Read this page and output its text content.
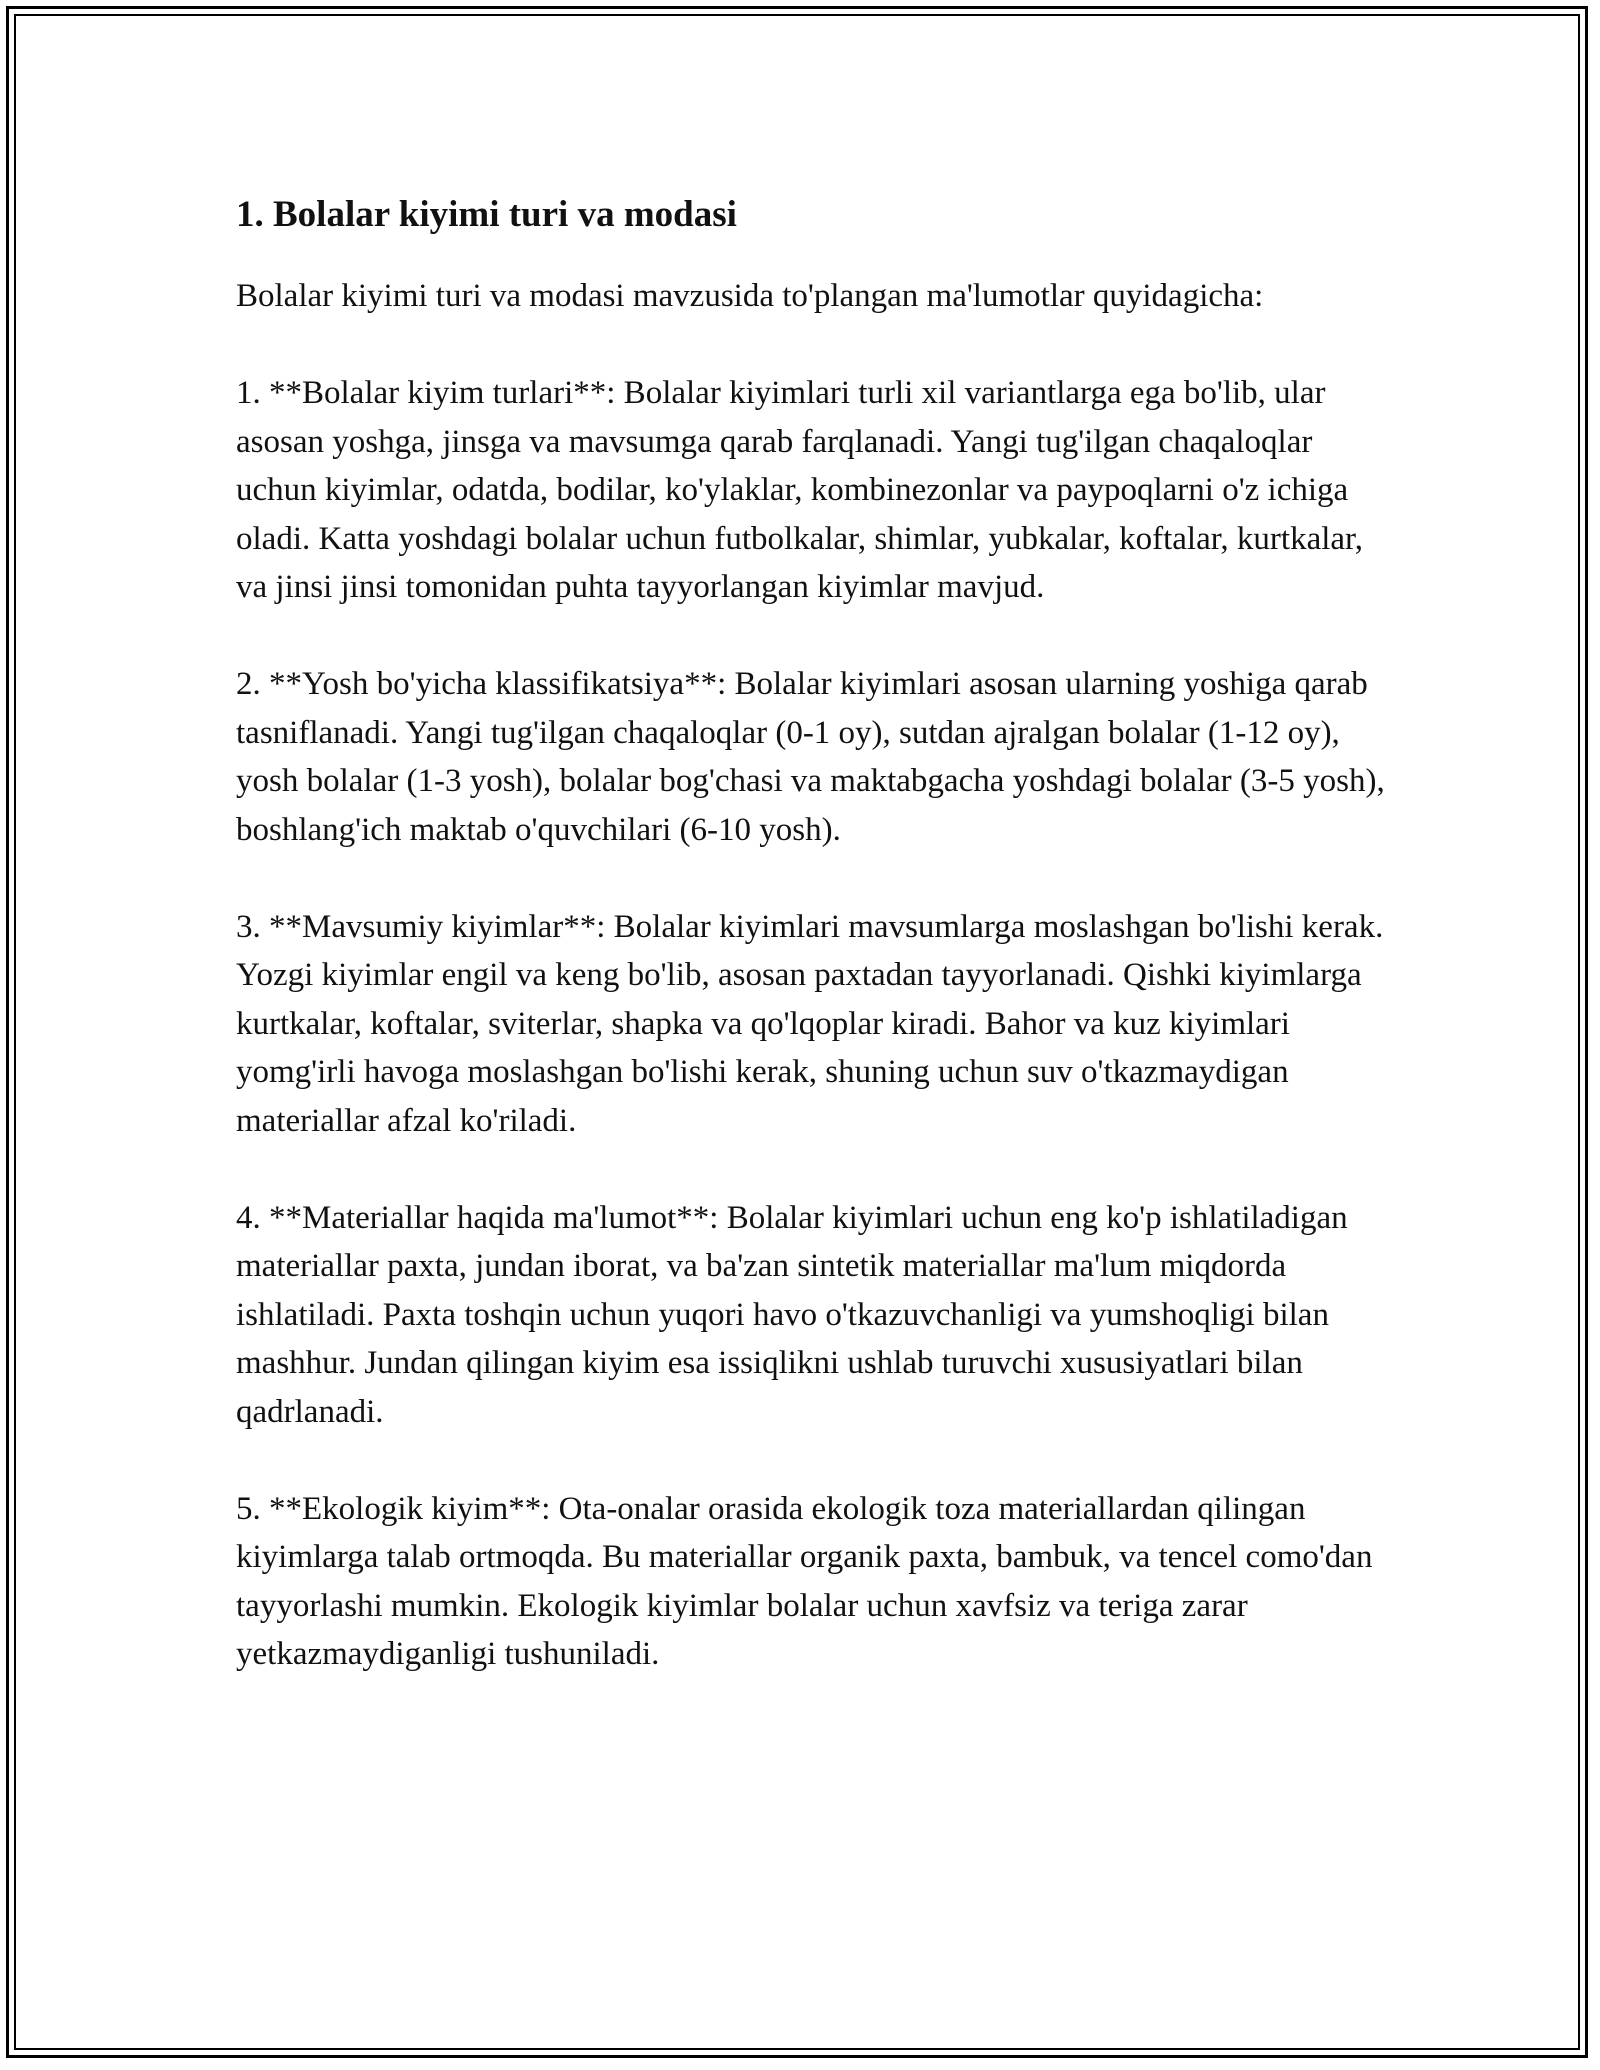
1. Bolalar kiyimi turi va modasi

Bolalar kiyimi turi va modasi mavzusida to'plangan ma'lumotlar quyidagicha:

1. **Bolalar kiyim turlari**: Bolalar kiyimlari turli xil variantlarga ega bo'lib, ular asosan yoshga, jinsga va mavsumga qarab farqlanadi. Yangi tug'ilgan chaqaloqlar uchun kiyimlar, odatda, bodilar, ko'ylaklar, kombinezonlar va paypoqlarni o'z ichiga oladi. Katta yoshdagi bolalar uchun futbolkalar, shimlar, yubkalar, koftalar, kurtkalar, va jinsi jinsi tomonidan puhta tayyorlangan kiyimlar mavjud.

2. **Yosh bo'yicha klassifikatsiya**: Bolalar kiyimlari asosan ularning yoshiga qarab tasniflanadi. Yangi tug'ilgan chaqaloqlar (0-1 oy), sutdan ajralgan bolalar (1-12 oy), yosh bolalar (1-3 yosh), bolalar bog'chasi va maktabgacha yoshdagi bolalar (3-5 yosh), boshlang'ich maktab o'quvchilari (6-10 yosh).

3. **Mavsumiy kiyimlar**: Bolalar kiyimlari mavsumlarga moslashgan bo'lishi kerak. Yozgi kiyimlar engil va keng bo'lib, asosan paxtadan tayyorlanadi. Qishki kiyimlarga kurtkalar, koftalar, sviterlar, shapka va qo'lqoplar kiradi. Bahor va kuz kiyimlari yomg'irli havoga moslashgan bo'lishi kerak, shuning uchun suv o'tkazmaydigan materiallar afzal ko'riladi.

4. **Materiallar haqida ma'lumot**: Bolalar kiyimlari uchun eng ko'p ishlatiladigan materiallar paxta, jundan iborat, va ba'zan sintetik materiallar ma'lum miqdorda ishlatiladi. Paxta toshqin uchun yuqori havo o'tkazuvchanligi va yumshoqligi bilan mashhur. Jundan qilingan kiyim esa issiqlikni ushlab turuvchi xususiyatlari bilan qadrlanadi.

5. **Ekologik kiyim**: Ota-onalar orasida ekologik toza materiallardan qilingan kiyimlarga talab ortmoqda. Bu materiallar organik paxta, bambuk, va tencel como'dan tayyorlashi mumkin. Ekologik kiyimlar bolalar uchun xavfsiz va teriga zarar yetkazmaydiganligi tushuniladi.
